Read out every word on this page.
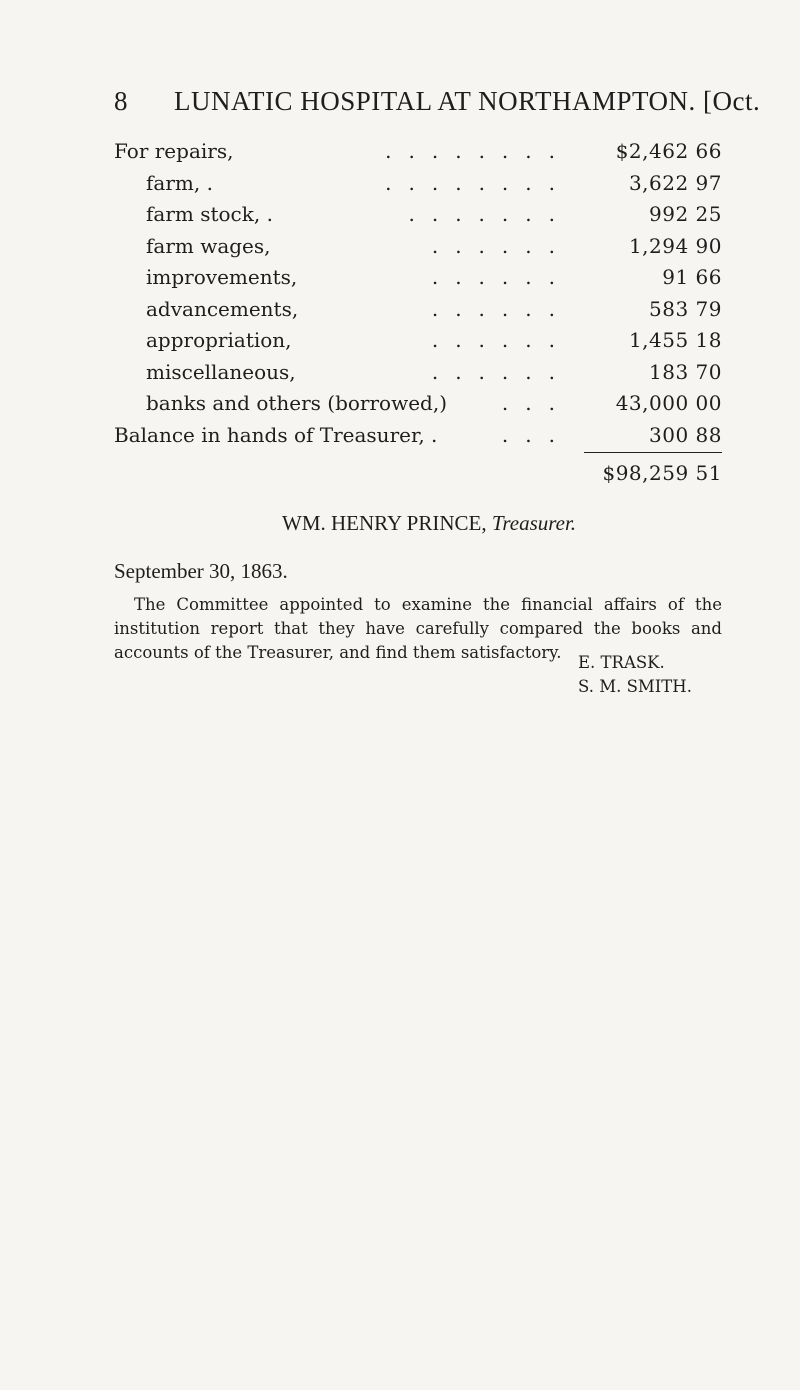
8 LUNATIC HOSPITAL AT NORTHAMPTON. [Oct.
........
For repairs,	$2,462 66
........
farm, .	3,622 97
.......
farm stock, .	992 25
......
farm wages,	1,294 90
......
improvements,	91 66
......
advancements,	583 79
......
appropriation,	1,455 18
......
miscellaneous,	183 70
...
banks and others (borrowed,)	43,000 00
...
Balance in hands of Treasurer, .	300 88
$98,259 51
WM. HENRY PRINCE, Treasurer.
September 30, 1863.
The Committee appointed to examine the financial affairs of the institution report that they have carefully compared the books and accounts of the Treasurer, and find them satisfactory.
E. TRASK.
S. M. SMITH.
